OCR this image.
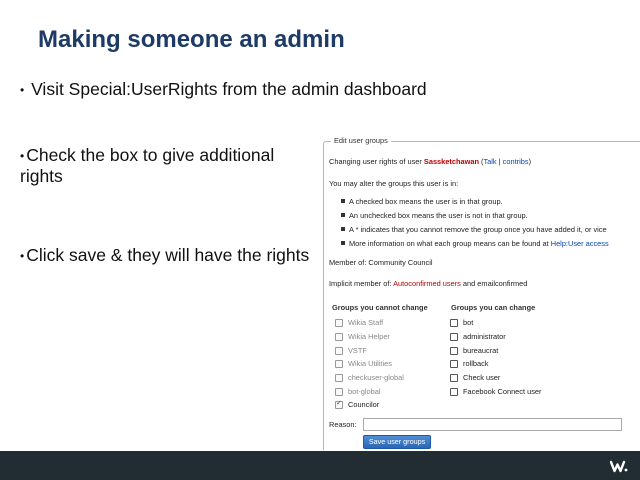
Making someone an admin
• Visit Special:UserRights from the admin dashboard
• Check the box to give additional rights
• Click save & they will have the rights
Edit user groups
Changing user rights of user Sassketchawan (Talk | contribs)
You may alter the groups this user is in:
A checked box means the user is in that group.
An unchecked box means the user is not in that group.
A * indicates that you cannot remove the group once you have added it, or vice
More information on what each group means can be found at Help:User access
Member of: Community Council
Implicit member of: Autoconfirmed users and emailconfirmed
Groups you cannot change	Groups you can change
Wikia Staff
Wikia Helper
VSTF
Wikia Utilities
checkuser-global
bot-global
✓
Councilor
bot
administrator
bureaucrat
rollback
Check user
Facebook Connect user
Reason:
Save user groups
